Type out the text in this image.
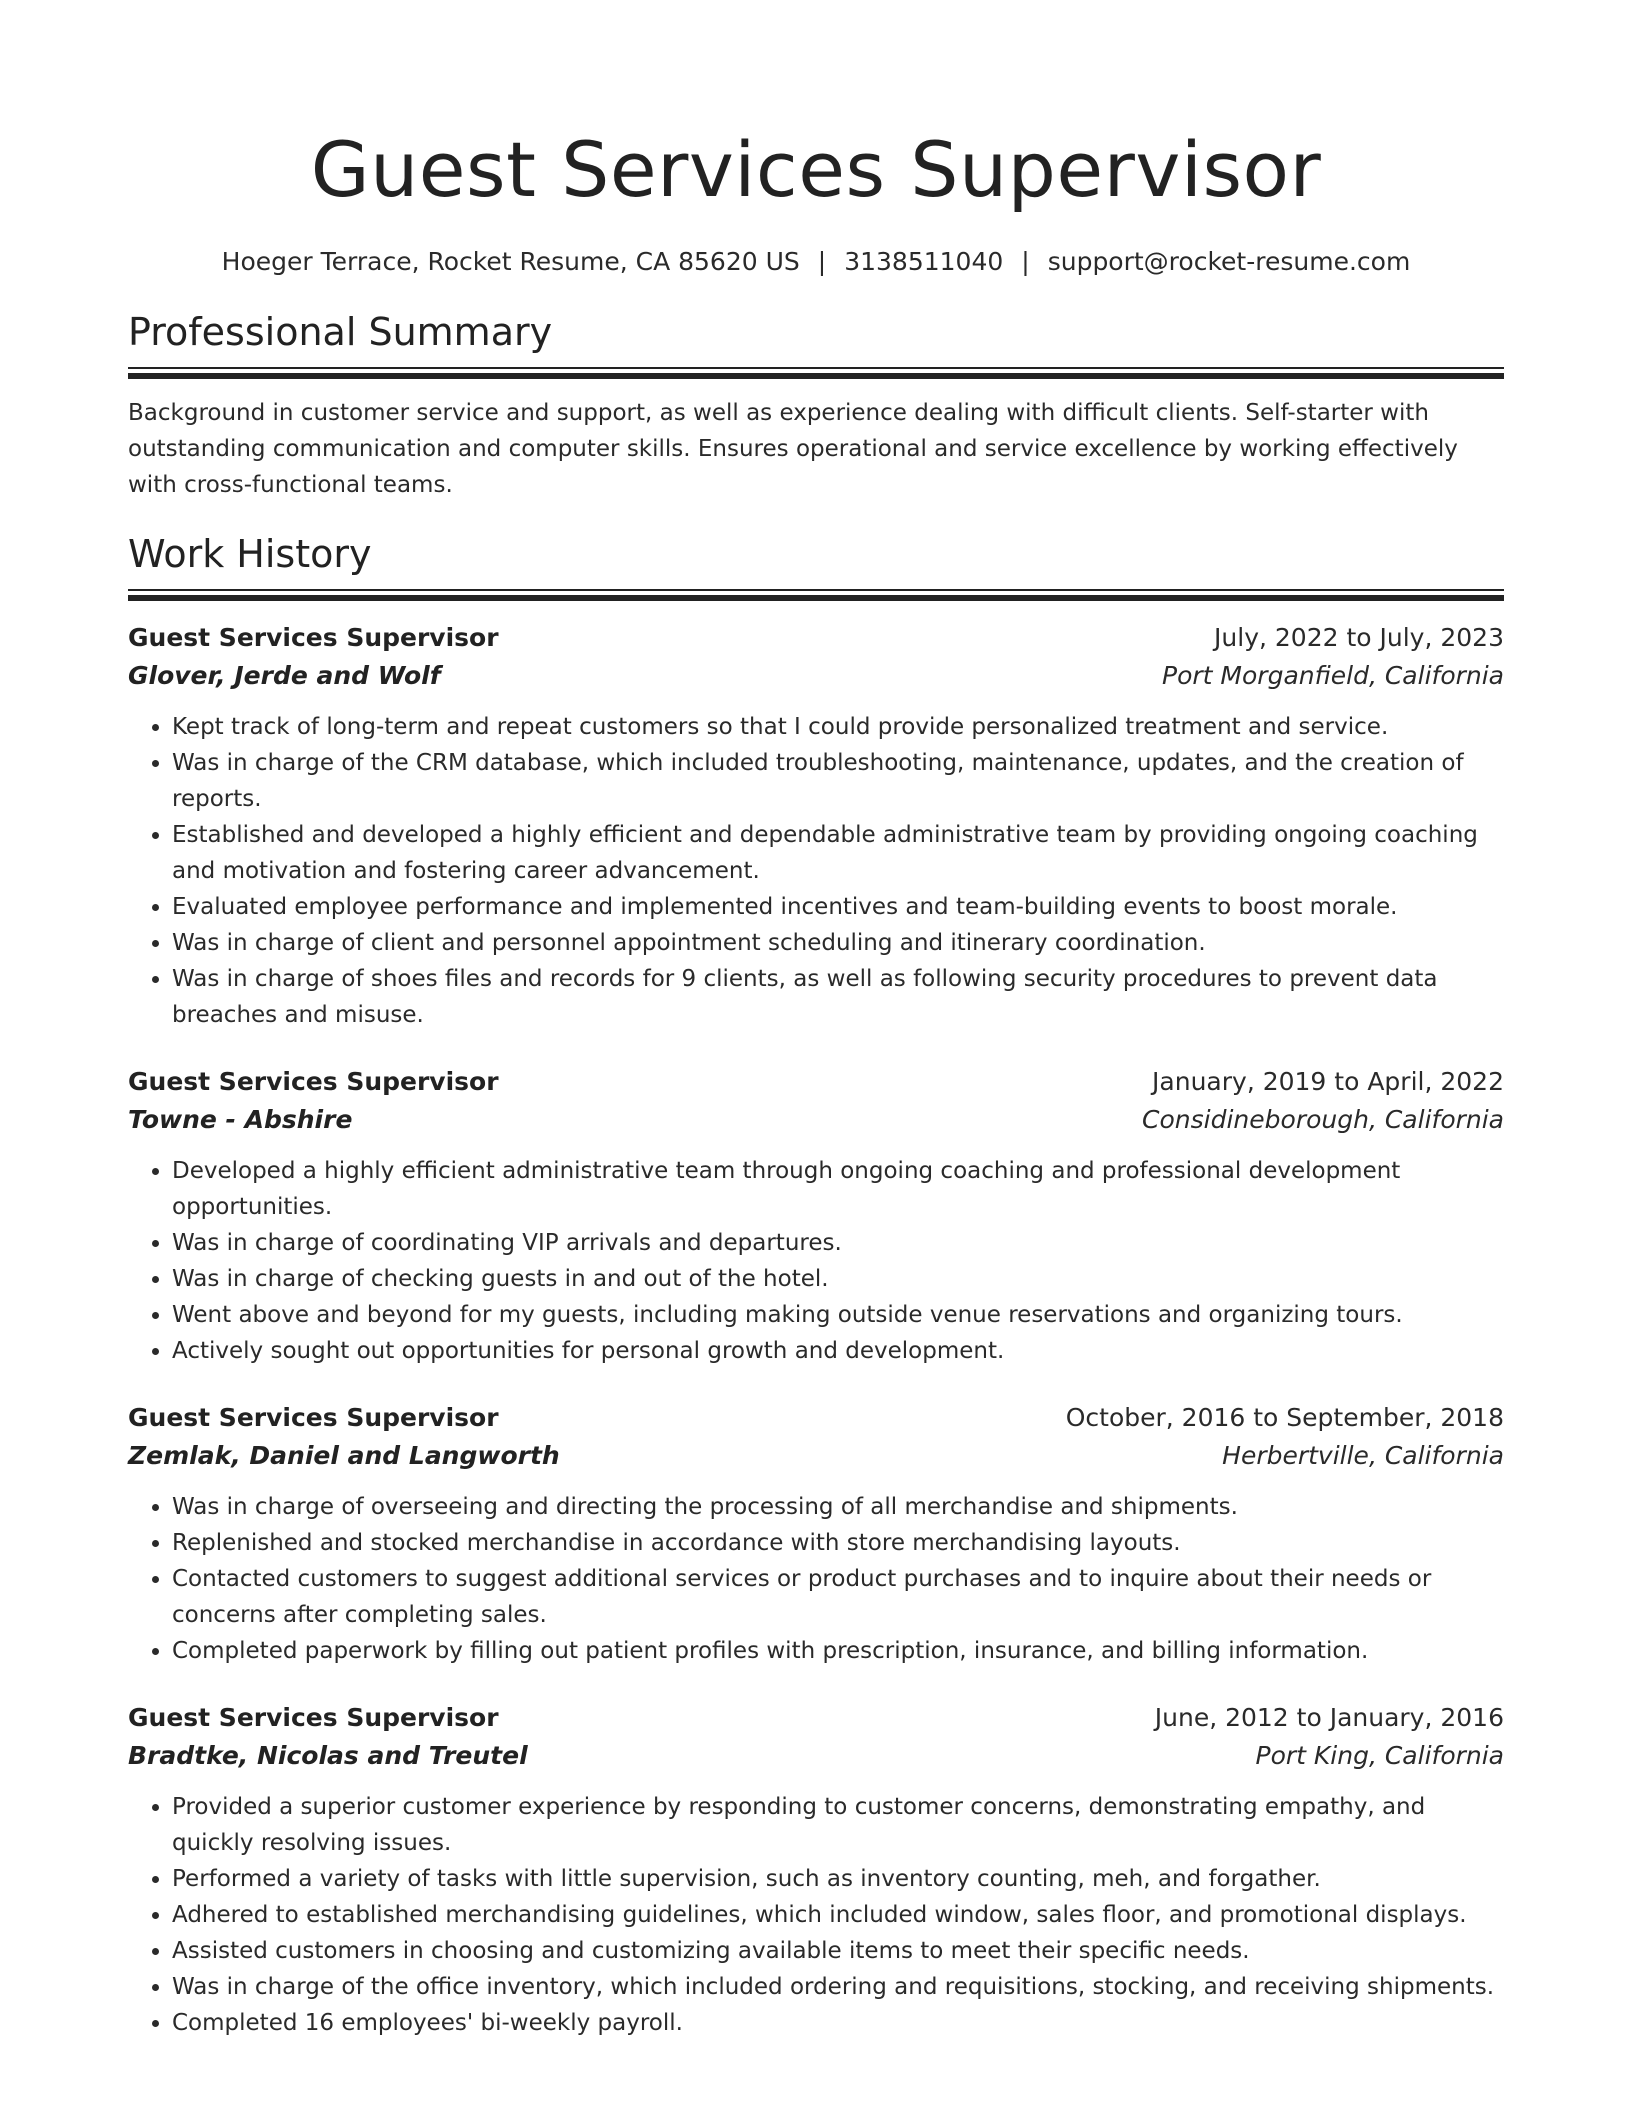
Guest Services Supervisor
Hoeger Terrace, Rocket Resume, CA 85620 US | 3138511040 | support@rocket-resume.com
Professional Summary
Background in customer service and support, as well as experience dealing with difficult clients. Self-starter with outstanding communication and computer skills. Ensures operational and service excellence by working effectively with cross-functional teams.
Work History
Guest Services Supervisor	July, 2022 to July, 2023
Glover, Jerde and Wolf	Port Morganfield, California
• Kept track of long-term and repeat customers so that I could provide personalized treatment and service.
• Was in charge of the CRM database, which included troubleshooting, maintenance, updates, and the creation of reports.
• Established and developed a highly efficient and dependable administrative team by providing ongoing coaching and motivation and fostering career advancement.
• Evaluated employee performance and implemented incentives and team-building events to boost morale.
• Was in charge of client and personnel appointment scheduling and itinerary coordination.
• Was in charge of shoes files and records for 9 clients, as well as following security procedures to prevent data breaches and misuse.
Guest Services Supervisor	January, 2019 to April, 2022
Towne - Abshire	Considineborough, California
• Developed a highly efficient administrative team through ongoing coaching and professional development opportunities.
• Was in charge of coordinating VIP arrivals and departures.
• Was in charge of checking guests in and out of the hotel.
• Went above and beyond for my guests, including making outside venue reservations and organizing tours.
• Actively sought out opportunities for personal growth and development.
Guest Services Supervisor	October, 2016 to September, 2018
Zemlak, Daniel and Langworth	Herbertville, California
• Was in charge of overseeing and directing the processing of all merchandise and shipments.
• Replenished and stocked merchandise in accordance with store merchandising layouts.
• Contacted customers to suggest additional services or product purchases and to inquire about their needs or concerns after completing sales.
• Completed paperwork by filling out patient profiles with prescription, insurance, and billing information.
Guest Services Supervisor	June, 2012 to January, 2016
Bradtke, Nicolas and Treutel	Port King, California
• Provided a superior customer experience by responding to customer concerns, demonstrating empathy, and quickly resolving issues.
• Performed a variety of tasks with little supervision, such as inventory counting, meh, and forgather.
• Adhered to established merchandising guidelines, which included window, sales floor, and promotional displays.
• Assisted customers in choosing and customizing available items to meet their specific needs.
• Was in charge of the office inventory, which included ordering and requisitions, stocking, and receiving shipments.
• Completed 16 employees' bi-weekly payroll.
